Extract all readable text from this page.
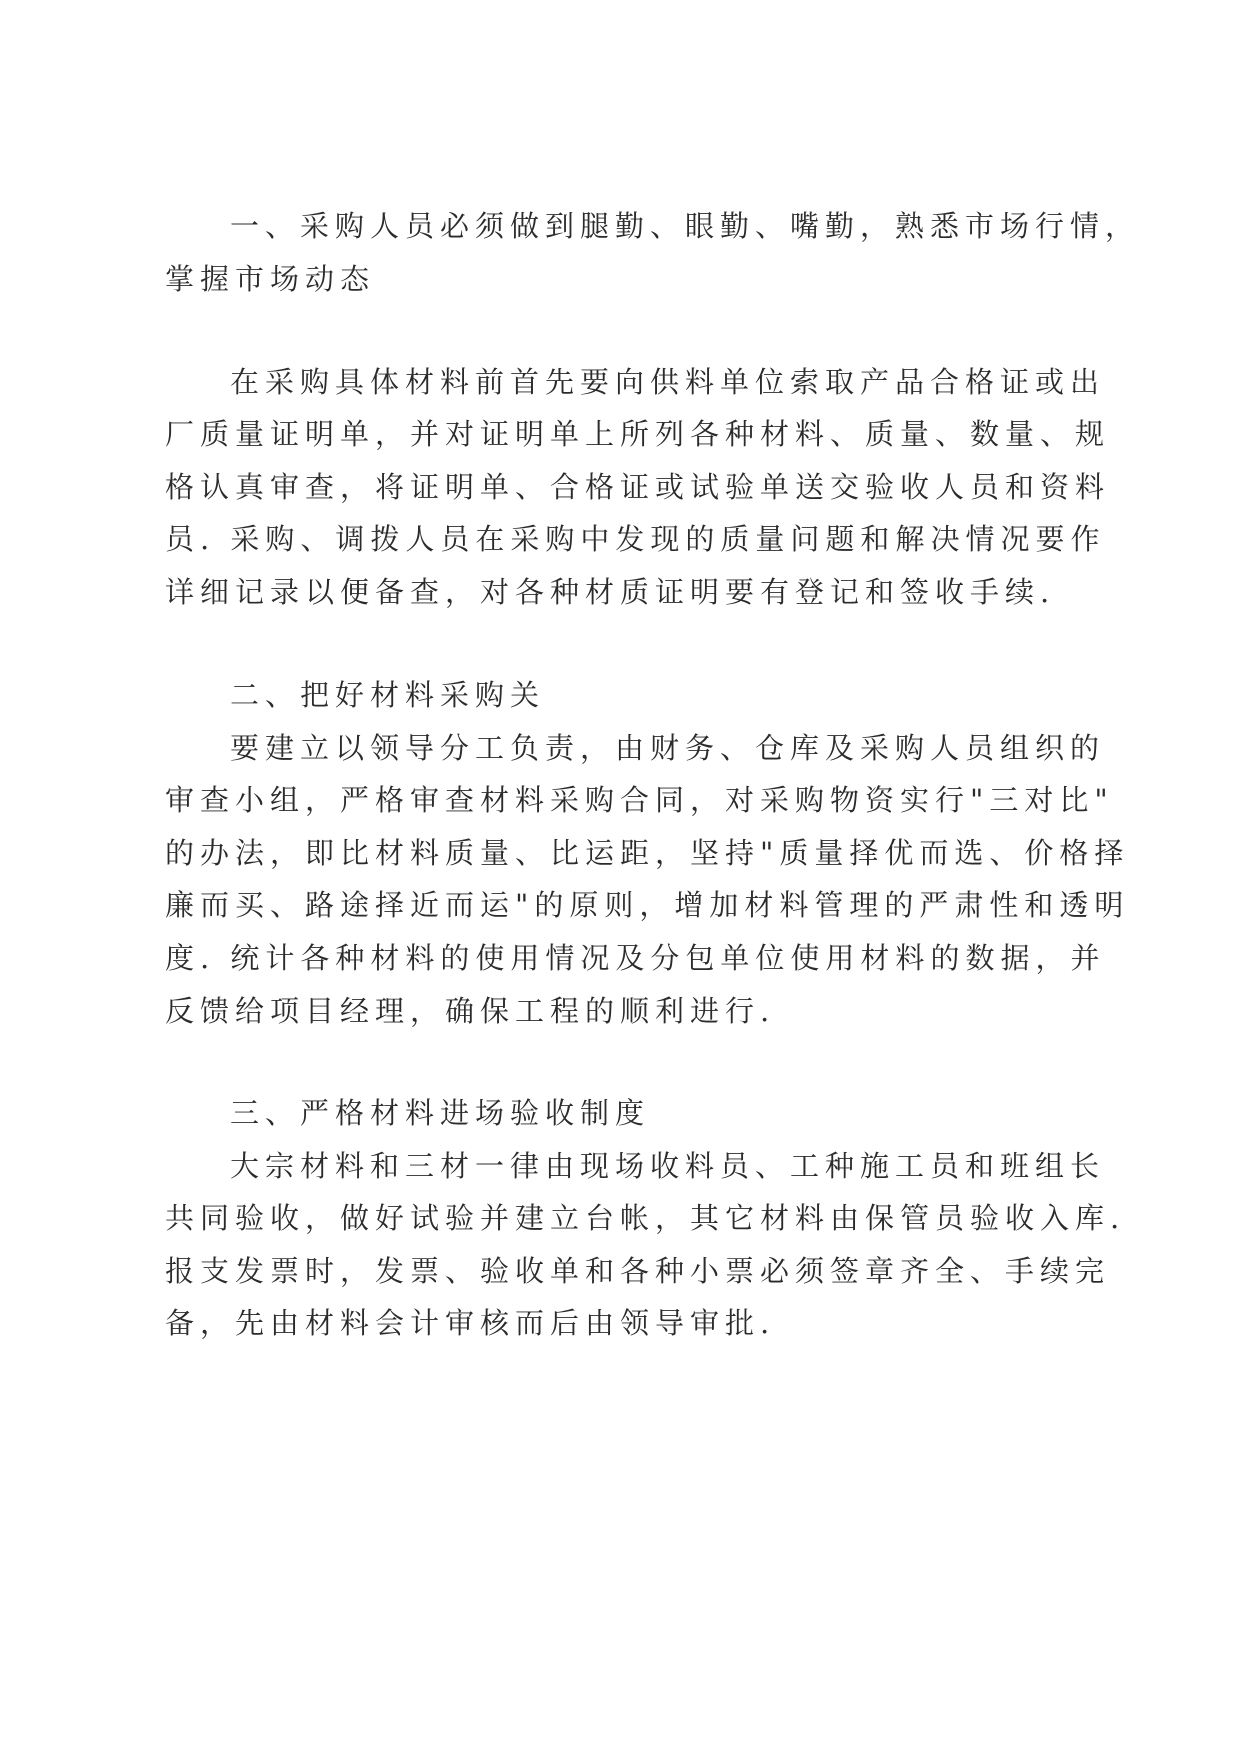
一、采购人员必须做到腿勤、眼勤、嘴勤，熟悉市场行情，
掌握市场动态
在采购具体材料前首先要向供料单位索取产品合格证或出
厂质量证明单，并对证明单上所列各种材料、质量、数量、规
格认真审查，将证明单、合格证或试验单送交验收人员和资料
员. 采购、调拨人员在采购中发现的质量问题和解决情况要作
详细记录以便备查，对各种材质证明要有登记和签收手续.
二、把好材料采购关
要建立以领导分工负责，由财务、仓库及采购人员组织的
审查小组，严格审查材料采购合同，对采购物资实行"三对比"
的办法，即比材料质量、比运距，坚持"质量择优而选、价格择
廉而买、路途择近而运"的原则，增加材料管理的严肃性和透明
度. 统计各种材料的使用情况及分包单位使用材料的数据，并
反馈给项目经理，确保工程的顺利进行.
三、严格材料进场验收制度
大宗材料和三材一律由现场收料员、工种施工员和班组长
共同验收，做好试验并建立台帐，其它材料由保管员验收入库.
报支发票时，发票、验收单和各种小票必须签章齐全、手续完
备，先由材料会计审核而后由领导审批.
